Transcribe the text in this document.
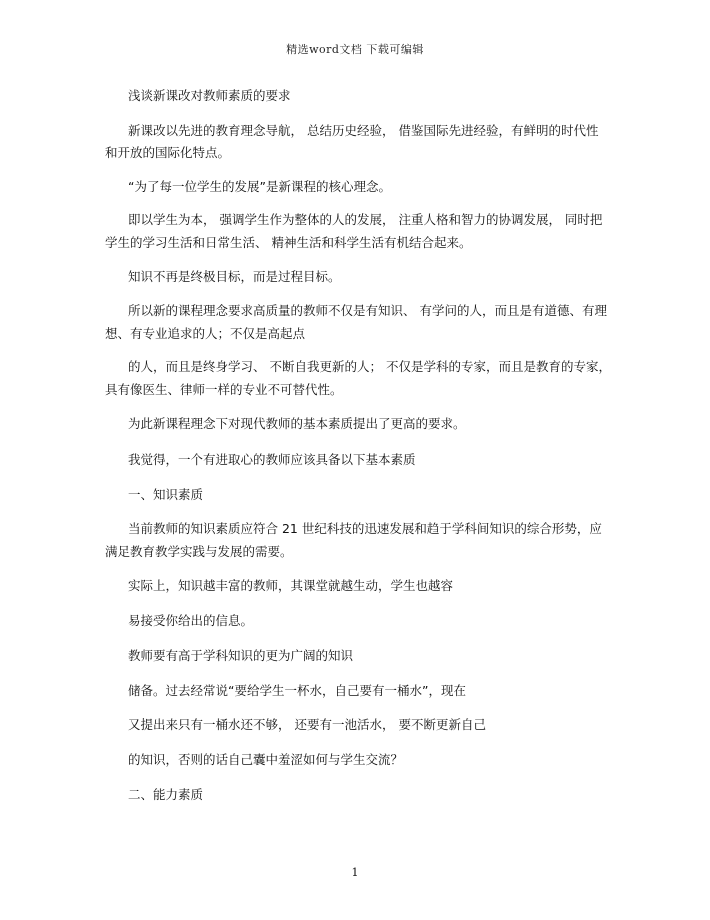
精选word文档 下载可编辑
浅谈新课改对教师素质的要求
新课改以先进的教育理念导航， 总结历史经验， 借鉴国际先进经验，有鲜明的时代性
和开放的国际化特点。
“为了每一位学生的发展”是新课程的核心理念。
即以学生为本， 强调学生作为整体的人的发展， 注重人格和智力的协调发展， 同时把
学生的学习生活和日常生活、 精神生活和科学生活有机结合起来。
知识不再是终极目标，而是过程目标。
所以新的课程理念要求高质量的教师不仅是有知识、 有学问的人，而且是有道德、有理
想、有专业追求的人；不仅是高起点
的人，而且是终身学习、 不断自我更新的人； 不仅是学科的专家，而且是教育的专家，
具有像医生、律师一样的专业不可替代性。
为此新课程理念下对现代教师的基本素质提出了更高的要求。
我觉得，一个有进取心的教师应该具备以下基本素质
一、知识素质
当前教师的知识素质应符合 21 世纪科技的迅速发展和趋于学科间知识的综合形势，应
满足教育教学实践与发展的需要。
实际上，知识越丰富的教师，其课堂就越生动，学生也越容
易接受你给出的信息。
教师要有高于学科知识的更为广阔的知识
储备。过去经常说“要给学生一杯水，自己要有一桶水”，现在
又提出来只有一桶水还不够， 还要有一池活水， 要不断更新自己
的知识，否则的话自己囊中羞涩如何与学生交流？
二、能力素质
1
